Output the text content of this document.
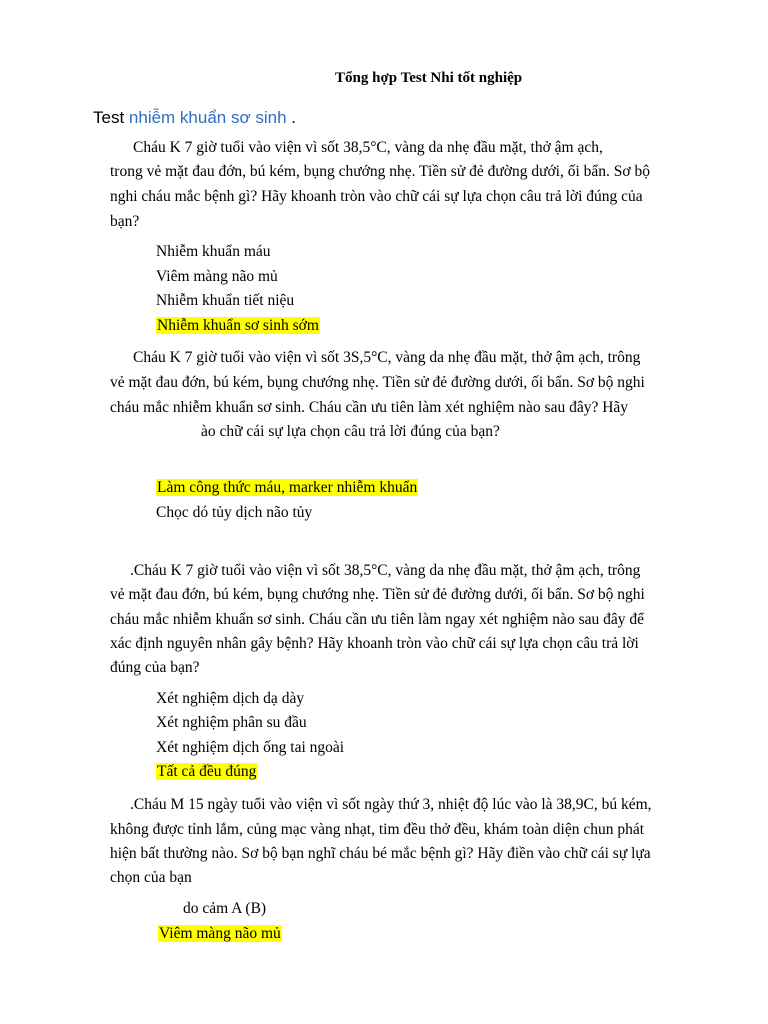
Tổng hợp Test Nhi tốt nghiệp
Test nhiễm khuẩn sơ sinh .
Cháu K 7 giờ tuổi vào viện vì sốt 38,5°C, vàng da nhẹ đầu mặt, thở ậm ạch,
trong vẻ mặt đau đớn, bú kém, bụng chướng nhẹ. Tiền sử đẻ đường dưới, ối bẩn. Sơ bộ
nghi cháu mắc bệnh gì? Hãy khoanh tròn vào chữ cái sự lựa chọn câu trả lời đúng của
bạn?
Nhiễm khuẩn máu
Viêm màng não mủ
Nhiễm khuẩn tiết niệu
Nhiễm khuẩn sơ sinh sớm
Cháu K 7 giờ tuổi vào viện vì sốt 3S,5°C, vàng da nhẹ đầu mặt, thở ậm ạch, trông
vẻ mặt đau đớn, bú kém, bụng chướng nhẹ. Tiền sử đẻ đường dưới, ối bẩn. Sơ bộ nghi
cháu mắc nhiễm khuẩn sơ sinh. Cháu cần ưu tiên làm xét nghiệm nào sau đây? Hãy
ào chữ cái sự lựa chọn câu trả lời đúng của bạn?
Làm công thức máu, marker nhiễm khuẩn
Chọc dó tủy dịch não tủy
.Cháu K 7 giờ tuổi vào viện vì sốt 38,5°C, vàng da nhẹ đầu mặt, thở ậm ạch, trông
vẻ mặt đau đớn, bú kém, bụng chướng nhẹ. Tiền sử đẻ đường dưới, ối bẩn. Sơ bộ nghi
cháu mắc nhiễm khuẩn sơ sinh. Cháu cần ưu tiên làm ngay xét nghiệm nào sau đây để
xác định nguyên nhân gây bệnh? Hãy khoanh tròn vào chữ cái sự lựa chọn câu trả lời
đúng của bạn?
Xét nghiệm dịch dạ dày
Xét nghiệm phân su đầu
Xét nghiệm dịch ống tai ngoài
Tất cả đều đúng
.Cháu M 15 ngày tuổi vào viện vì sốt ngày thứ 3, nhiệt độ lúc vào là 38,9C, bú kém,
không được tỉnh lắm, củng mạc vàng nhạt, tim đều thở đều, khám toàn diện chun phát
hiện bất thường nào. Sơ bộ bạn nghĩ cháu bé mắc bệnh gì? Hãy điền vào chữ cái sự lựa
chọn của bạn
do cảm A (B)
Viêm màng não mủ
